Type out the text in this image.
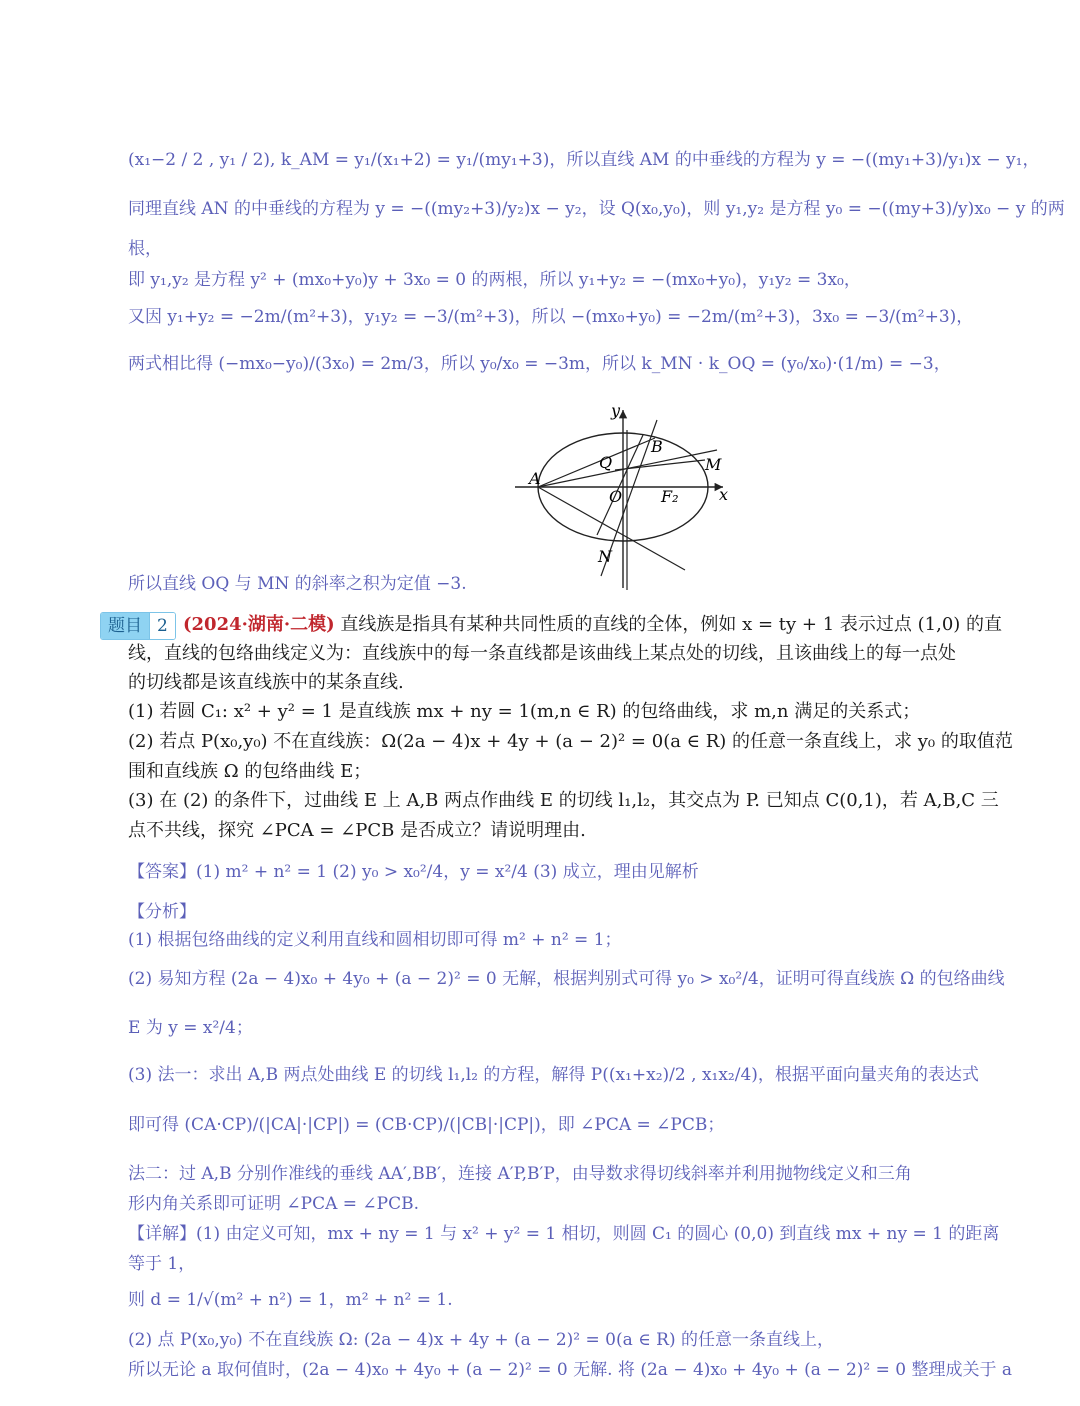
(x₁−2 / 2 , y₁ / 2), k_AM = y₁/(x₁+2) = y₁/(my₁+3)，所以直线 AM 的中垂线的方程为 y = −((my₁+3)/y₁)x − y₁，
同理直线 AN 的中垂线的方程为 y = −((my₂+3)/y₂)x − y₂，设 Q(x₀,y₀)，则 y₁,y₂ 是方程 y₀ = −((my+3)/y)x₀ − y 的两
根，
即 y₁,y₂ 是方程 y² + (mx₀+y₀)y + 3x₀ = 0 的两根，所以 y₁+y₂ = −(mx₀+y₀)，y₁y₂ = 3x₀，
又因 y₁+y₂ = −2m/(m²+3)，y₁y₂ = −3/(m²+3)，所以 −(mx₀+y₀) = −2m/(m²+3)，3x₀ = −3/(m²+3)，
两式相比得 (−mx₀−y₀)/(3x₀) = 2m/3，所以 y₀/x₀ = −3m，所以 k_MN · k_OQ = (y₀/x₀)·(1/m) = −3，
y
x
A
B
Q	M
O F₂
N
所以直线 OQ 与 MN 的斜率之积为定值 −3.
题目 2 (2024·湖南·二模) 直线族是指具有某种共同性质的直线的全体，例如 x = ty + 1 表示过点 (1,0) 的直
线，直线的包络曲线定义为：直线族中的每一条直线都是该曲线上某点处的切线，且该曲线上的每一点处
的切线都是该直线族中的某条直线.
(1) 若圆 C₁: x² + y² = 1 是直线族 mx + ny = 1(m,n ∈ R) 的包络曲线，求 m,n 满足的关系式；
(2) 若点 P(x₀,y₀) 不在直线族：Ω(2a − 4)x + 4y + (a − 2)² = 0(a ∈ R) 的任意一条直线上，求 y₀ 的取值范
围和直线族 Ω 的包络曲线 E；
(3) 在 (2) 的条件下，过曲线 E 上 A,B 两点作曲线 E 的切线 l₁,l₂，其交点为 P. 已知点 C(0,1)，若 A,B,C 三
点不共线，探究 ∠PCA = ∠PCB 是否成立？请说明理由.
【答案】(1) m² + n² = 1 (2) y₀ > x₀²/4，y = x²/4 (3) 成立，理由见解析
【分析】
(1) 根据包络曲线的定义利用直线和圆相切即可得 m² + n² = 1；
(2) 易知方程 (2a − 4)x₀ + 4y₀ + (a − 2)² = 0 无解，根据判别式可得 y₀ > x₀²/4，证明可得直线族 Ω 的包络曲线
E 为 y = x²/4；
(3) 法一：求出 A,B 两点处曲线 E 的切线 l₁,l₂ 的方程，解得 P((x₁+x₂)/2 , x₁x₂/4)，根据平面向量夹角的表达式
即可得 (CA·CP)/(|CA|·|CP|) = (CB·CP)/(|CB|·|CP|)，即 ∠PCA = ∠PCB；
法二：过 A,B 分别作准线的垂线 AA′,BB′，连接 A′P,B′P，由导数求得切线斜率并利用抛物线定义和三角
形内角关系即可证明 ∠PCA = ∠PCB.
【详解】(1) 由定义可知，mx + ny = 1 与 x² + y² = 1 相切，则圆 C₁ 的圆心 (0,0) 到直线 mx + ny = 1 的距离
等于 1，
则 d = 1/√(m² + n²) = 1，m² + n² = 1.
(2) 点 P(x₀,y₀) 不在直线族 Ω: (2a − 4)x + 4y + (a − 2)² = 0(a ∈ R) 的任意一条直线上，
所以无论 a 取何值时，(2a − 4)x₀ + 4y₀ + (a − 2)² = 0 无解. 将 (2a − 4)x₀ + 4y₀ + (a − 2)² = 0 整理成关于 a
